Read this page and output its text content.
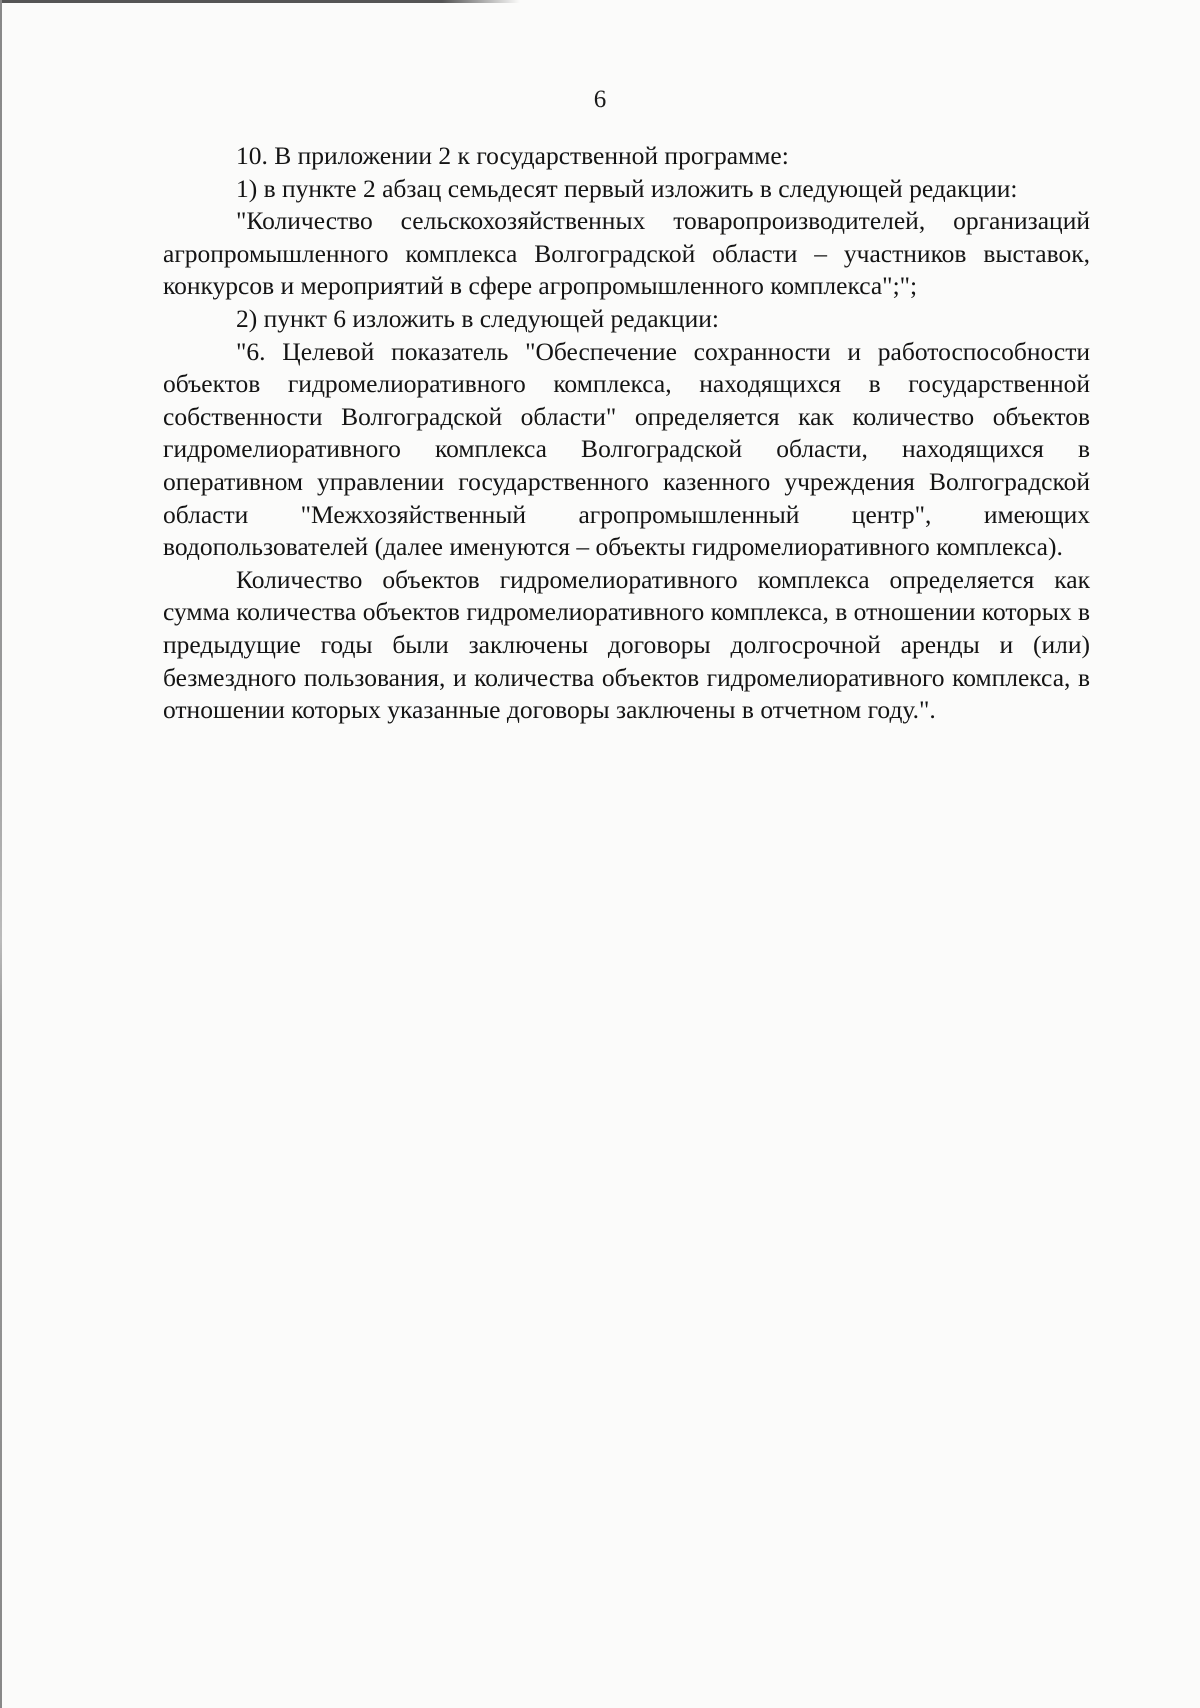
6

10. В приложении 2 к государственной программе:

1) в пункте 2 абзац семьдесят первый изложить в следующей редакции:

"Количество сельскохозяйственных товаропроизводителей, организаций агропромышленного комплекса Волгоградской области – участников выставок, конкурсов и мероприятий в сфере агропромышленного комплекса";";

2) пункт 6 изложить в следующей редакции:

"6. Целевой показатель "Обеспечение сохранности и работоспособности объектов гидромелиоративного комплекса, находящихся в государственной собственности Волгоградской области" определяется как количество объектов гидромелиоративного комплекса Волгоградской области, находящихся в оперативном управлении государственного казенного учреждения Волгоградской области "Межхозяйственный агропромышленный центр", имеющих водопользователей (далее именуются – объекты гидромелиоративного комплекса).

Количество объектов гидромелиоративного комплекса определяется как сумма количества объектов гидромелиоративного комплекса, в отношении которых в предыдущие годы были заключены договоры долгосрочной аренды и (или) безмездного пользования, и количества объектов гидромелиоративного комплекса, в отношении которых указанные договоры заключены в отчетном году.".
